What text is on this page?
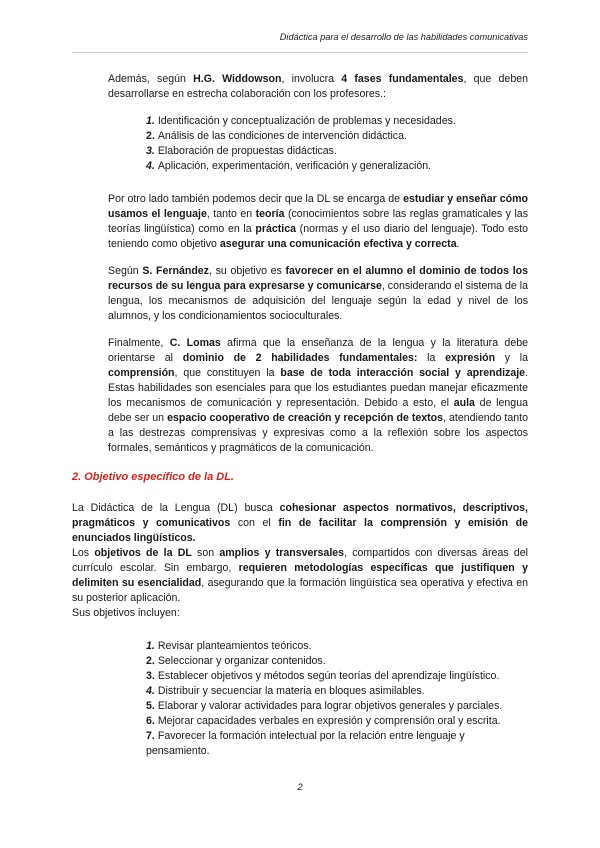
Didáctica para el desarrollo de las habilidades comunicativas

Además, según H.G. Widdowson, involucra 4 fases fundamentales, que deben desarrollarse en estrecha colaboración con los profesores.:

1. Identificación y conceptualización de problemas y necesidades.
2. Análisis de las condiciones de intervención didáctica.
3. Elaboración de propuestas didácticas.
4. Aplicación, experimentación, verificación y generalización.

Por otro lado también podemos decir que la DL se encarga de estudiar y enseñar cómo usamos el lenguaje, tanto en teoría (conocimientos sobre las reglas gramaticales y las teorías lingüística) como en la práctica (normas y el uso diario del lenguaje). Todo esto teniendo como objetivo asegurar una comunicación efectiva y correcta.

Según S. Fernández, su objetivo es favorecer en el alumno el dominio de todos los recursos de su lengua para expresarse y comunicarse, considerando el sistema de la lengua, los mecanismos de adquisición del lenguaje según la edad y nivel de los alumnos, y los condicionamientos socioculturales.

Finalmente, C. Lomas afirma que la enseñanza de la lengua y la literatura debe orientarse al dominio de 2 habilidades fundamentales: la expresión y la comprensión, que constituyen la base de toda interacción social y aprendizaje. Estas habilidades son esenciales para que los estudiantes puedan manejar eficazmente los mecanismos de comunicación y representación. Debido a esto, el aula de lengua debe ser un espacio cooperativo de creación y recepción de textos, atendiendo tanto a las destrezas comprensivas y expresivas como a la reflexión sobre los aspectos formales, semánticos y pragmáticos de la comunicación.

2. Objetivo específico de la DL.

La Didáctica de la Lengua (DL) busca cohesionar aspectos normativos, descriptivos, pragmáticos y comunicativos con el fin de facilitar la comprensión y emisión de enunciados lingüísticos.

Los objetivos de la DL son amplios y transversales, compartidos con diversas áreas del currículo escolar. Sin embargo, requieren metodologías específicas que justifiquen y delimiten su esencialidad, asegurando que la formación lingüística sea operativa y efectiva en su posterior aplicación.

Sus objetivos incluyen:

1. Revisar planteamientos teóricos.
2. Seleccionar y organizar contenidos.
3. Establecer objetivos y métodos según teorías del aprendizaje lingüístico.
4. Distribuir y secuenciar la materia en bloques asimilables.
5. Elaborar y valorar actividades para lograr objetivos generales y parciales.
6. Mejorar capacidades verbales en expresión y comprensión oral y escrita.
7. Favorecer la formación intelectual por la relación entre lenguaje y pensamiento.
2
